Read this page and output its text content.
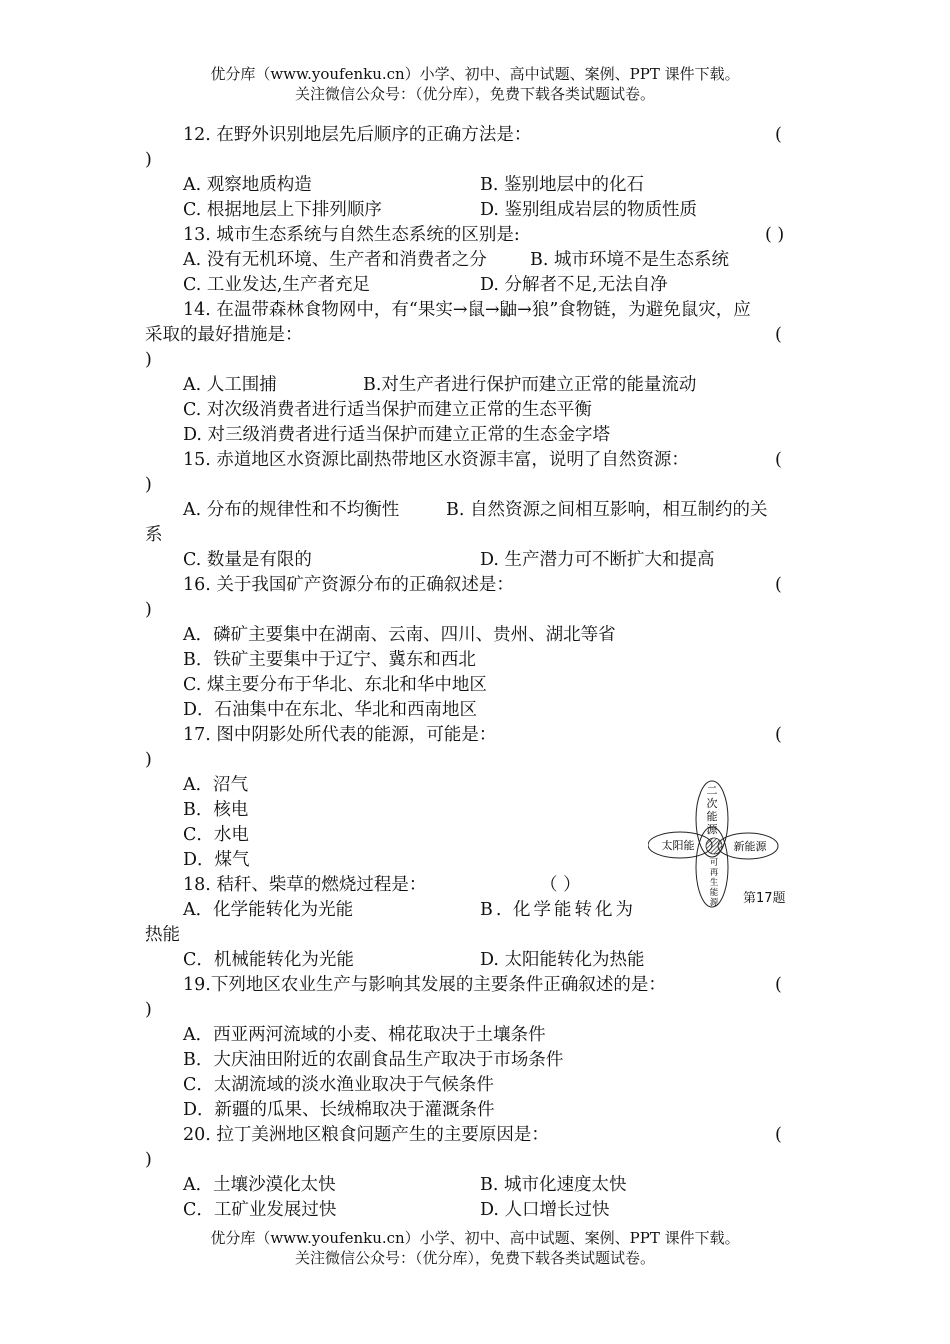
优分库（www.youfenku.cn）小学、初中、高中试题、案例、PPT 课件下载。
关注微信公众号：（优分库），免费下载各类试题试卷。
12. 在野外识别地层先后顺序的正确方法是：	(
)
A. 观察地质构造	B. 鉴别地层中的化石
C. 根据地层上下排列顺序	D. 鉴别组成岩层的物质性质
13. 城市生态系统与自然生态系统的区别是:	( )
A. 没有无机环境、生产者和消费者之分 B. 城市环境不是生态系统
C. 工业发达,生产者充足	D. 分解者不足,无法自净
14. 在温带森林食物网中，有“果实→鼠→鼬→狼”食物链，为避免鼠灾，应
采取的最好措施是：	(
)
A. 人工围捕	B.对生产者进行保护而建立正常的能量流动
C. 对次级消费者进行适当保护而建立正常的生态平衡
D. 对三级消费者进行适当保护而建立正常的生态金字塔
15. 赤道地区水资源比副热带地区水资源丰富，说明了自然资源：	(
)
A. 分布的规律性和不均衡性	B. 自然资源之间相互影响，相互制约的关
系
C. 数量是有限的	D. 生产潜力可不断扩大和提高
16. 关于我国矿产资源分布的正确叙述是：	(
)
A．磷矿主要集中在湖南、云南、四川、贵州、湖北等省
B．铁矿主要集中于辽宁、冀东和西北
C. 煤主要分布于华北、东北和华中地区
D．石油集中在东北、华北和西南地区
17. 图中阴影处所代表的能源，可能是：	(
)
A．沼气
B．核电
C．水电
D．煤气
二
次
能
源
太阳能	新能源
可
再
生
能
源 第17题
18. 秸秆、柴草的燃烧过程是：	（ ）
A．化学能转化为光能	B. 化学能转化为
热能
C．机械能转化为光能	D. 太阳能转化为热能
19.下列地区农业生产与影响其发展的主要条件正确叙述的是：	(
)
A．西亚两河流域的小麦、棉花取决于土壤条件
B．大庆油田附近的农副食品生产取决于市场条件
C．太湖流域的淡水渔业取决于气候条件
D．新疆的瓜果、长绒棉取决于灌溉条件
20. 拉丁美洲地区粮食问题产生的主要原因是：	(
)
A．土壤沙漠化太快	B. 城市化速度太快
C．工矿业发展过快	D. 人口增长过快
优分库（www.youfenku.cn）小学、初中、高中试题、案例、PPT 课件下载。
关注微信公众号：（优分库），免费下载各类试题试卷。
